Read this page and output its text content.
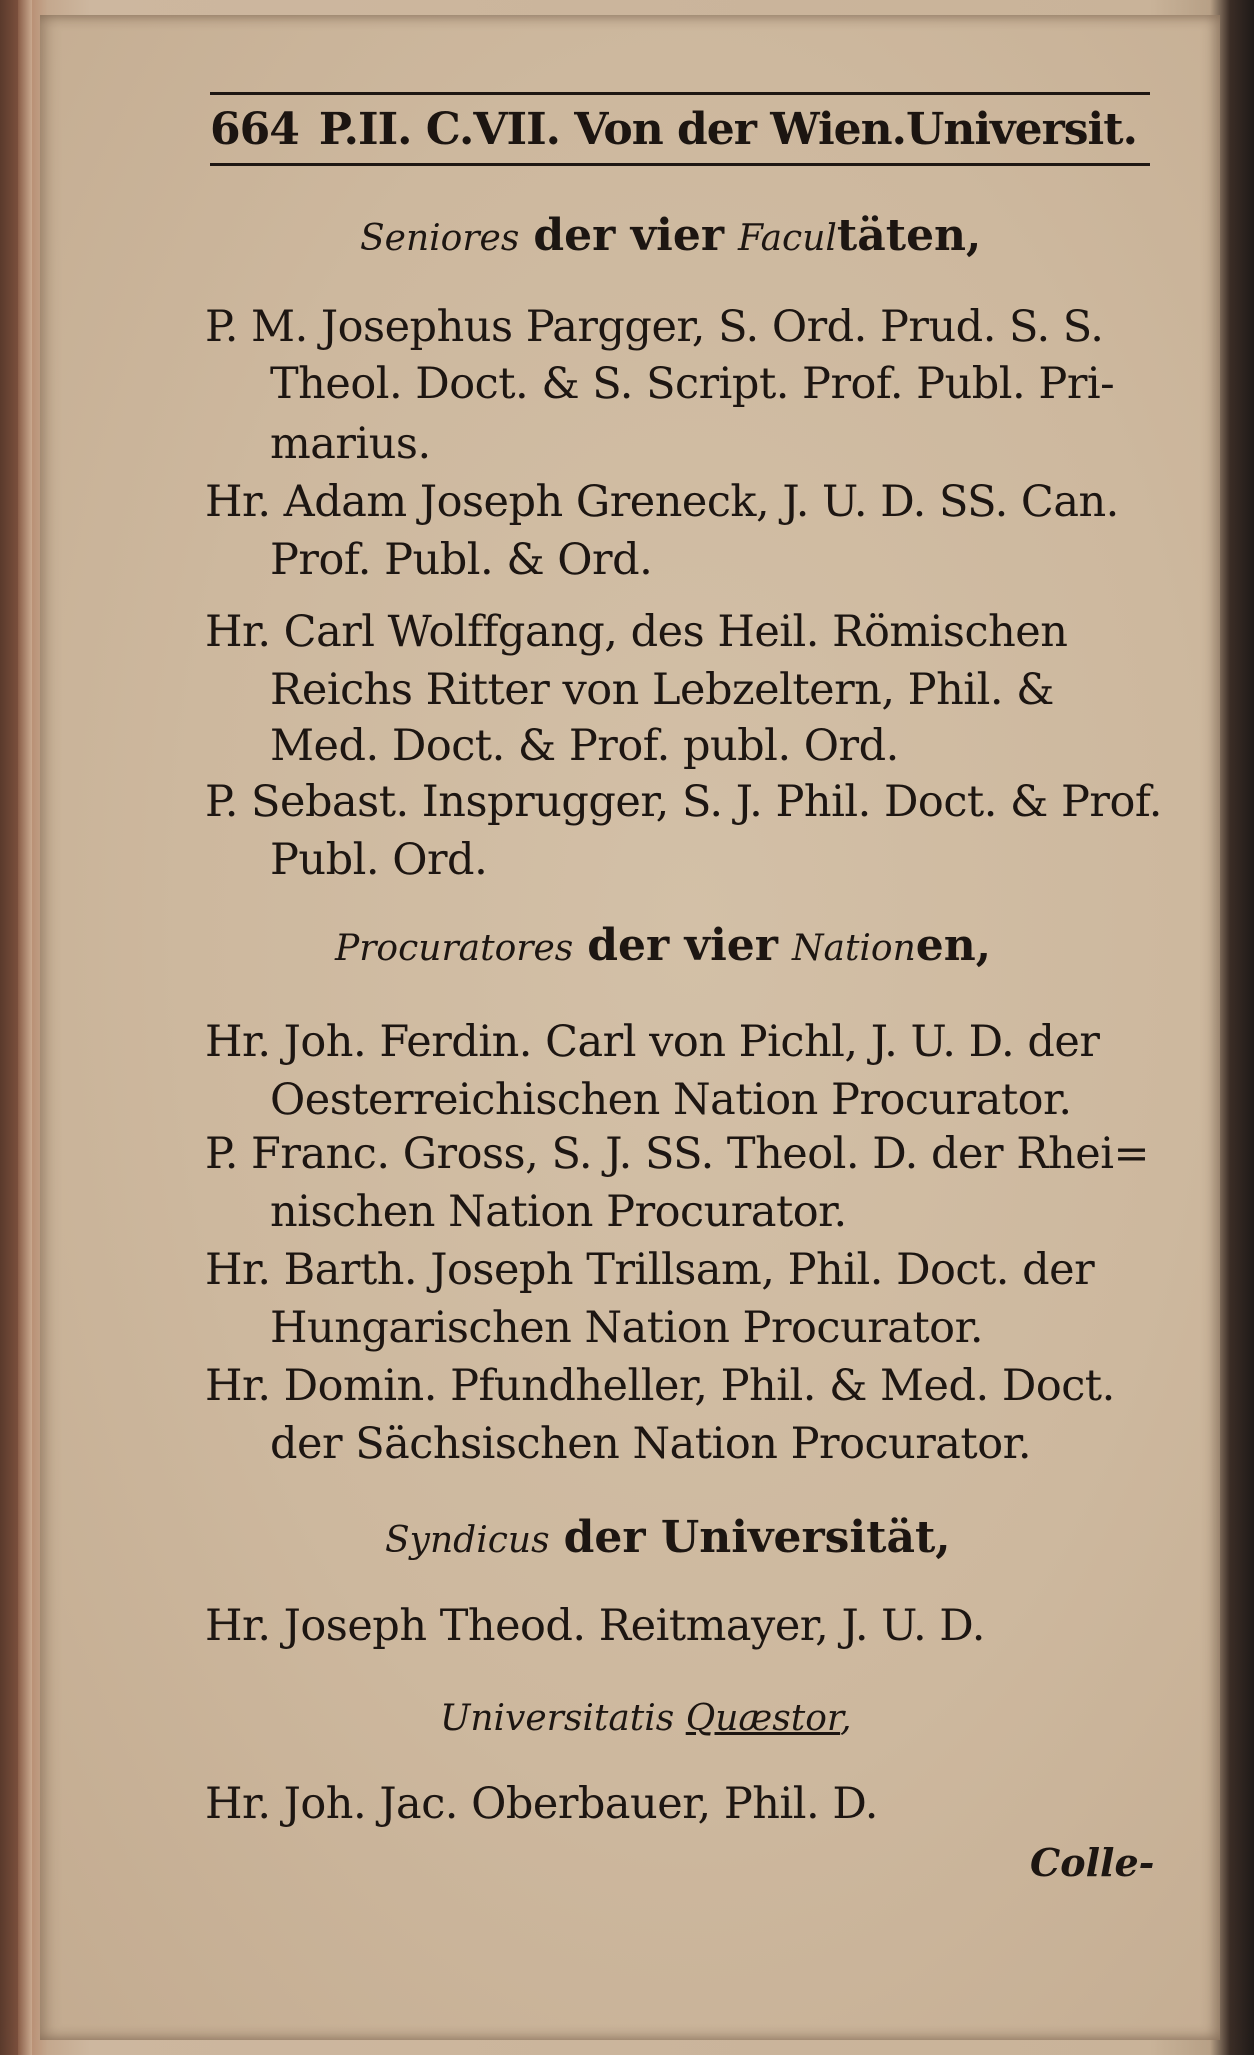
664 P.II. C.VII. Von der Wien.Universit.
Seniores der vier Facultäten,
P. M. Josephus Pargger, S. Ord. Prud. S. S.
Theol. Doct. & S. Script. Prof. Publ. Pri-
marius.
Hr. Adam Joseph Greneck, J. U. D. SS. Can.
Prof. Publ. & Ord.
Hr. Carl Wolffgang, des Heil. Römischen
Reichs Ritter von Lebzeltern, Phil. &
Med. Doct. & Prof. publ. Ord.
P. Sebast. Insprugger, S. J. Phil. Doct. & Prof.
Publ. Ord.
Procuratores der vier Nationen,
Hr. Joh. Ferdin. Carl von Pichl, J. U. D. der
Oesterreichischen Nation Procurator.
P. Franc. Gross, S. J. SS. Theol. D. der Rhei=
nischen Nation Procurator.
Hr. Barth. Joseph Trillsam, Phil. Doct. der
Hungarischen Nation Procurator.
Hr. Domin. Pfundheller, Phil. & Med. Doct.
der Sächsischen Nation Procurator.
Syndicus der Universität,
Hr. Joseph Theod. Reitmayer, J. U. D.
Universitatis Quæstor,
Hr. Joh. Jac. Oberbauer, Phil. D.
Colle-
